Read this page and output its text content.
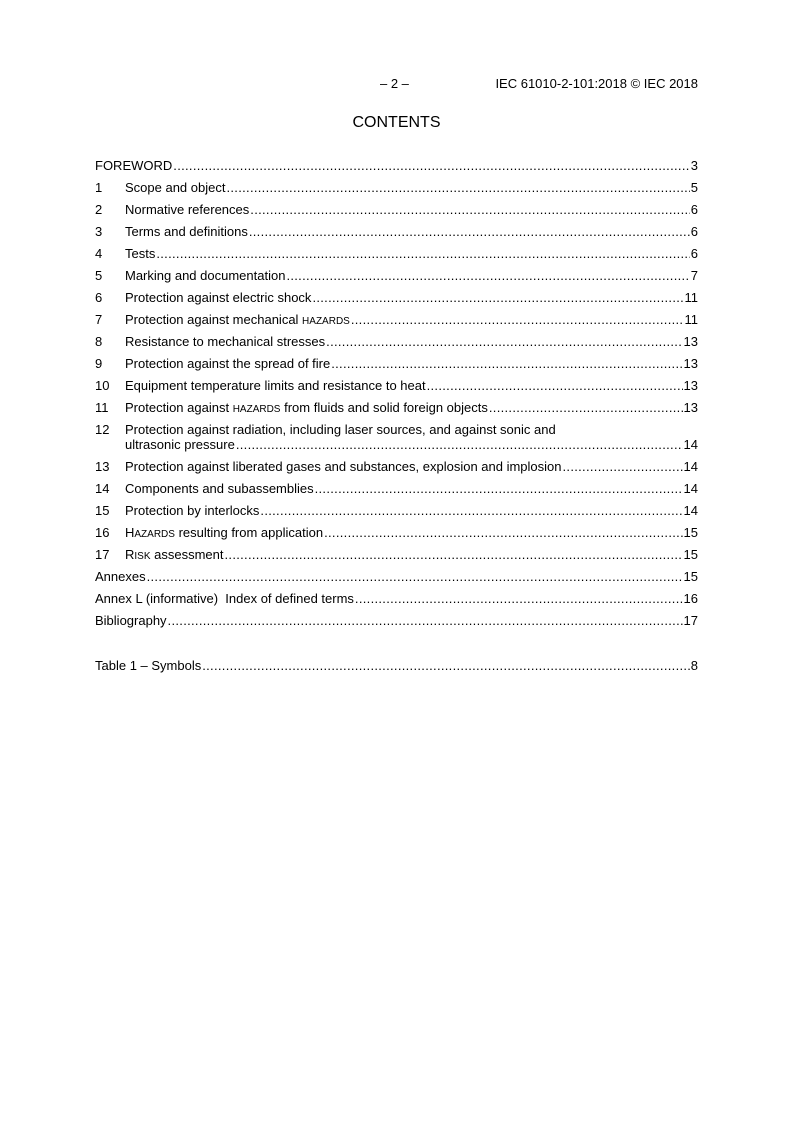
– 2 –	IEC 61010-2-101:2018 © IEC 2018
CONTENTS
FOREWORD .....	3
1 Scope and object .....	5
2 Normative references .....	6
3 Terms and definitions .....	6
4 Tests .....	6
5 Marking and documentation .....	7
6 Protection against electric shock .....	11
7 Protection against mechanical HAZARDS .....	11
8 Resistance to mechanical stresses .....	13
9 Protection against the spread of fire .....	13
10 Equipment temperature limits and resistance to heat .....	13
11 Protection against HAZARDS from fluids and solid foreign objects .....	13
12 Protection against radiation, including laser sources, and against sonic and
ultrasonic pressure .....	14
13 Protection against liberated gases and substances, explosion and implosion .....	14
14 Components and subassemblies .....	14
15 Protection by interlocks .....	14
16 HAZARDS resulting from application .....	15
17 RISK assessment .....	15
Annexes .....	15
Annex L (informative)  Index of defined terms .....	16
Bibliography .....	17
Table 1 – Symbols .....	8
